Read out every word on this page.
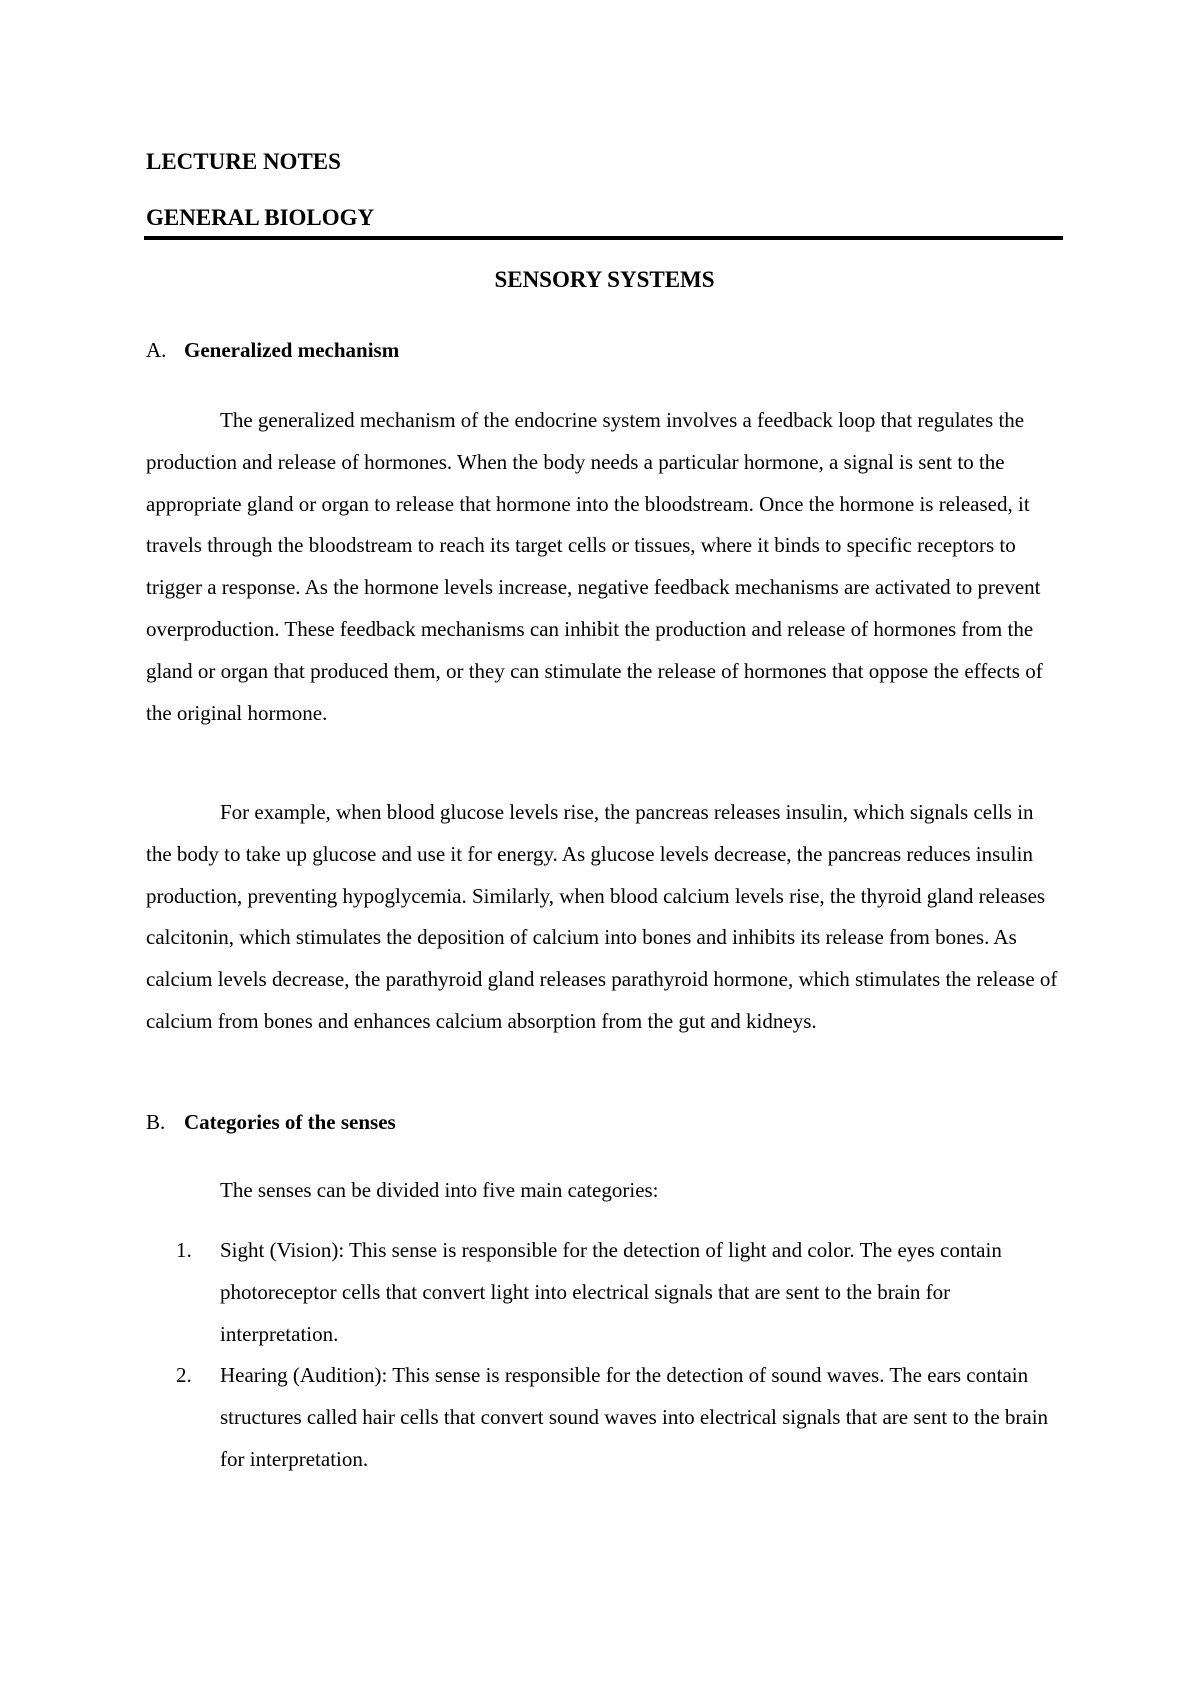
LECTURE NOTES
GENERAL BIOLOGY
SENSORY SYSTEMS
A. Generalized mechanism

The generalized mechanism of the endocrine system involves a feedback loop that regulates the production and release of hormones. When the body needs a particular hormone, a signal is sent to the appropriate gland or organ to release that hormone into the bloodstream. Once the hormone is released, it travels through the bloodstream to reach its target cells or tissues, where it binds to specific receptors to trigger a response. As the hormone levels increase, negative feedback mechanisms are activated to prevent overproduction. These feedback mechanisms can inhibit the production and release of hormones from the gland or organ that produced them, or they can stimulate the release of hormones that oppose the effects of the original hormone.

For example, when blood glucose levels rise, the pancreas releases insulin, which signals cells in the body to take up glucose and use it for energy. As glucose levels decrease, the pancreas reduces insulin production, preventing hypoglycemia. Similarly, when blood calcium levels rise, the thyroid gland releases calcitonin, which stimulates the deposition of calcium into bones and inhibits its release from bones. As calcium levels decrease, the parathyroid gland releases parathyroid hormone, which stimulates the release of calcium from bones and enhances calcium absorption from the gut and kidneys.

B. Categories of the senses

The senses can be divided into five main categories:

1. Sight (Vision): This sense is responsible for the detection of light and color. The eyes contain photoreceptor cells that convert light into electrical signals that are sent to the brain for interpretation.
2. Hearing (Audition): This sense is responsible for the detection of sound waves. The ears contain structures called hair cells that convert sound waves into electrical signals that are sent to the brain for interpretation.
